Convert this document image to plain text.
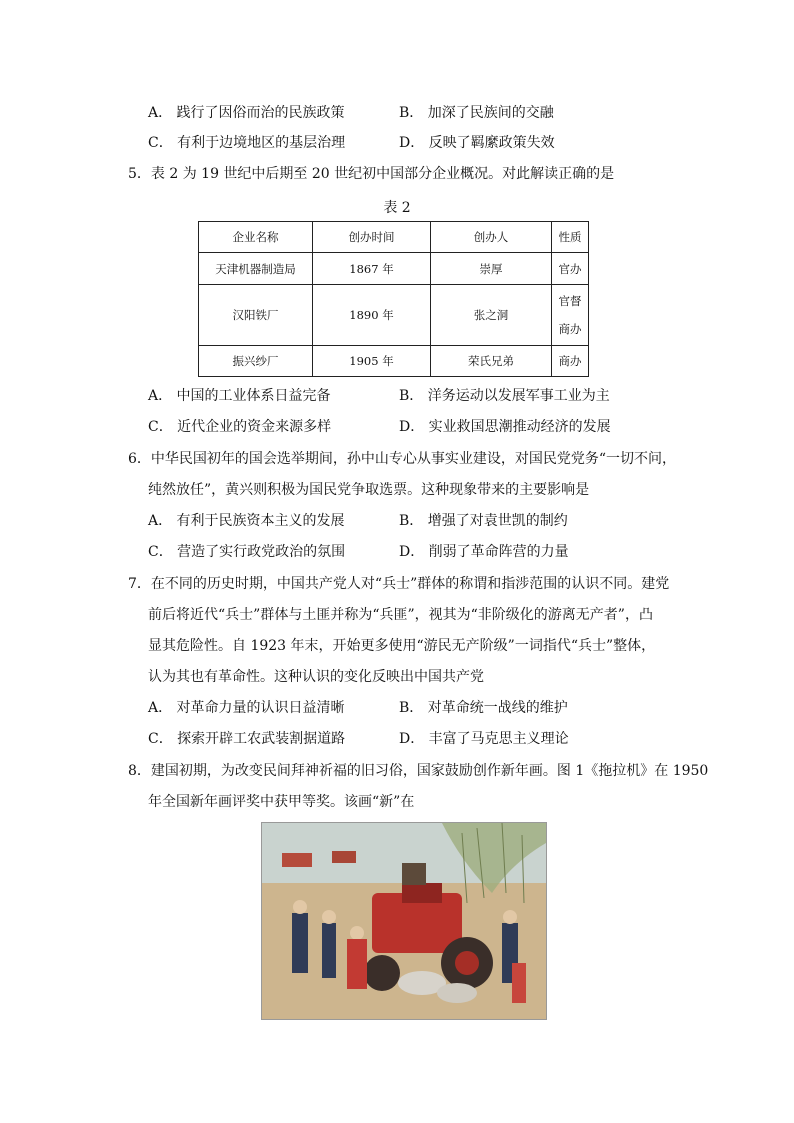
A． 践行了因俗而治的民族政策	B． 加深了民族间的交融
C． 有利于边境地区的基层治理	D． 反映了羁縻政策失效
5．表 2 为 19 世纪中后期至 20 世纪初中国部分企业概况。对此解读正确的是
表 2
企业名称	创办时间	创办人	性质
天津机器制造局	1867 年	崇厚	官办
汉阳铁厂	1890 年	张之洞	官督
商办

振兴纱厂	1905 年	荣氏兄弟	商办
A． 中国的工业体系日益完备	B． 洋务运动以发展军事工业为主
C． 近代企业的资金来源多样	D． 实业救国思潮推动经济的发展
6．中华民国初年的国会选举期间，孙中山专心从事实业建设，对国民党党务“一切不问，
纯然放任”，黄兴则积极为国民党争取选票。这种现象带来的主要影响是
A． 有利于民族资本主义的发展	B． 增强了对袁世凯的制约
C． 营造了实行政党政治的氛围	D． 削弱了革命阵营的力量
7．在不同的历史时期，中国共产党人对“兵士”群体的称谓和指涉范围的认识不同。建党
前后将近代“兵士”群体与土匪并称为“兵匪”，视其为“非阶级化的游离无产者”，凸
显其危险性。自 1923 年末，开始更多使用“游民无产阶级”一词指代“兵士”整体，
认为其也有革命性。这种认识的变化反映出中国共产党
A． 对革命力量的认识日益清晰	B． 对革命统一战线的维护
C． 探索开辟工农武装割据道路	D． 丰富了马克思主义理论
8．建国初期，为改变民间拜神祈福的旧习俗，国家鼓励创作新年画。图 1《拖拉机》在 1950
年全国新年画评奖中获甲等奖。该画“新”在
